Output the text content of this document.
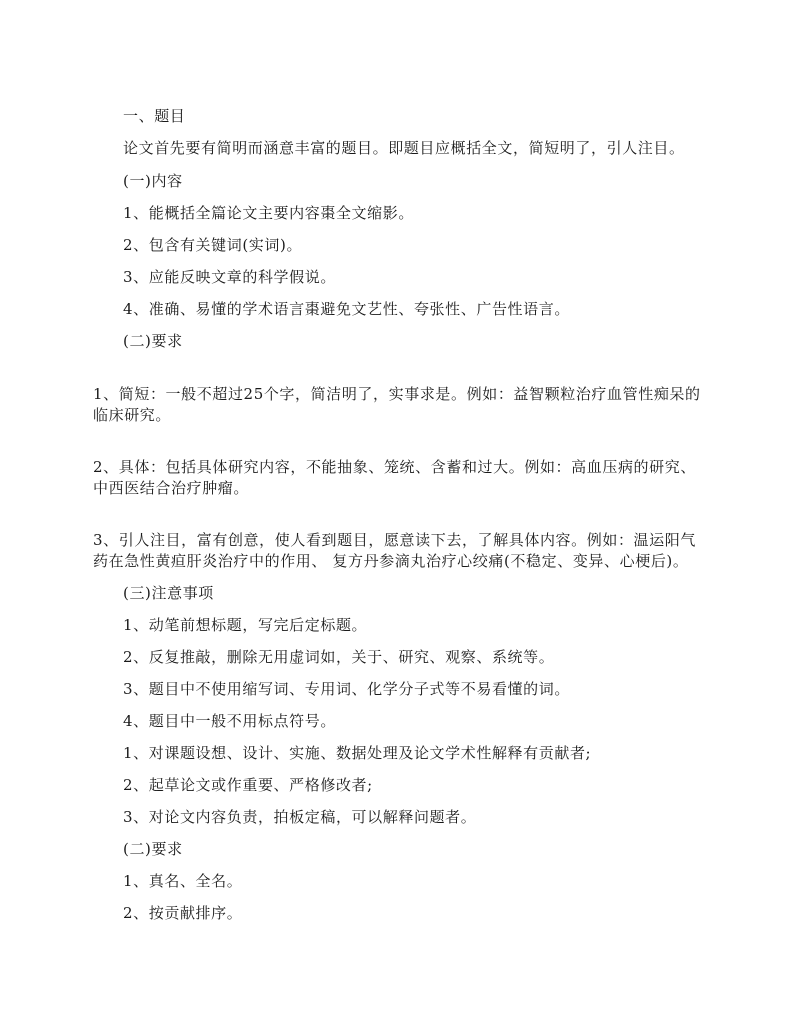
一、题目
论文首先要有简明而涵意丰富的题目。即题目应概括全文，简短明了，引人注目。
(一)内容
1、能概括全篇论文主要内容棗全文缩影。
2、包含有关键词(实词)。
3、应能反映文章的科学假说。
4、准确、易懂的学术语言棗避免文艺性、夸张性、广告性语言。
(二)要求
1、简短：一般不超过25个字，简洁明了，实事求是。例如：益智颗粒治疗血管性痴呆的
临床研究。
2、具体：包括具体研究内容，不能抽象、笼统、含蓄和过大。例如：高血压病的研究、
中西医结合治疗肿瘤。
3、引人注目，富有创意，使人看到题目，愿意读下去，了解具体内容。例如：温运阳气
药在急性黄疸肝炎治疗中的作用、 复方丹参滴丸治疗心绞痛(不稳定、变异、心梗后)。
(三)注意事项
1、动笔前想标题，写完后定标题。
2、反复推敲，删除无用虚词如，关于、研究、观察、系统等。
3、题目中不使用缩写词、专用词、化学分子式等不易看懂的词。
4、题目中一般不用标点符号。
1、对课题设想、设计、实施、数据处理及论文学术性解释有贡献者;
2、起草论文或作重要、严格修改者;
3、对论文内容负责，拍板定稿，可以解释问题者。
(二)要求
1、真名、全名。
2、按贡献排序。
